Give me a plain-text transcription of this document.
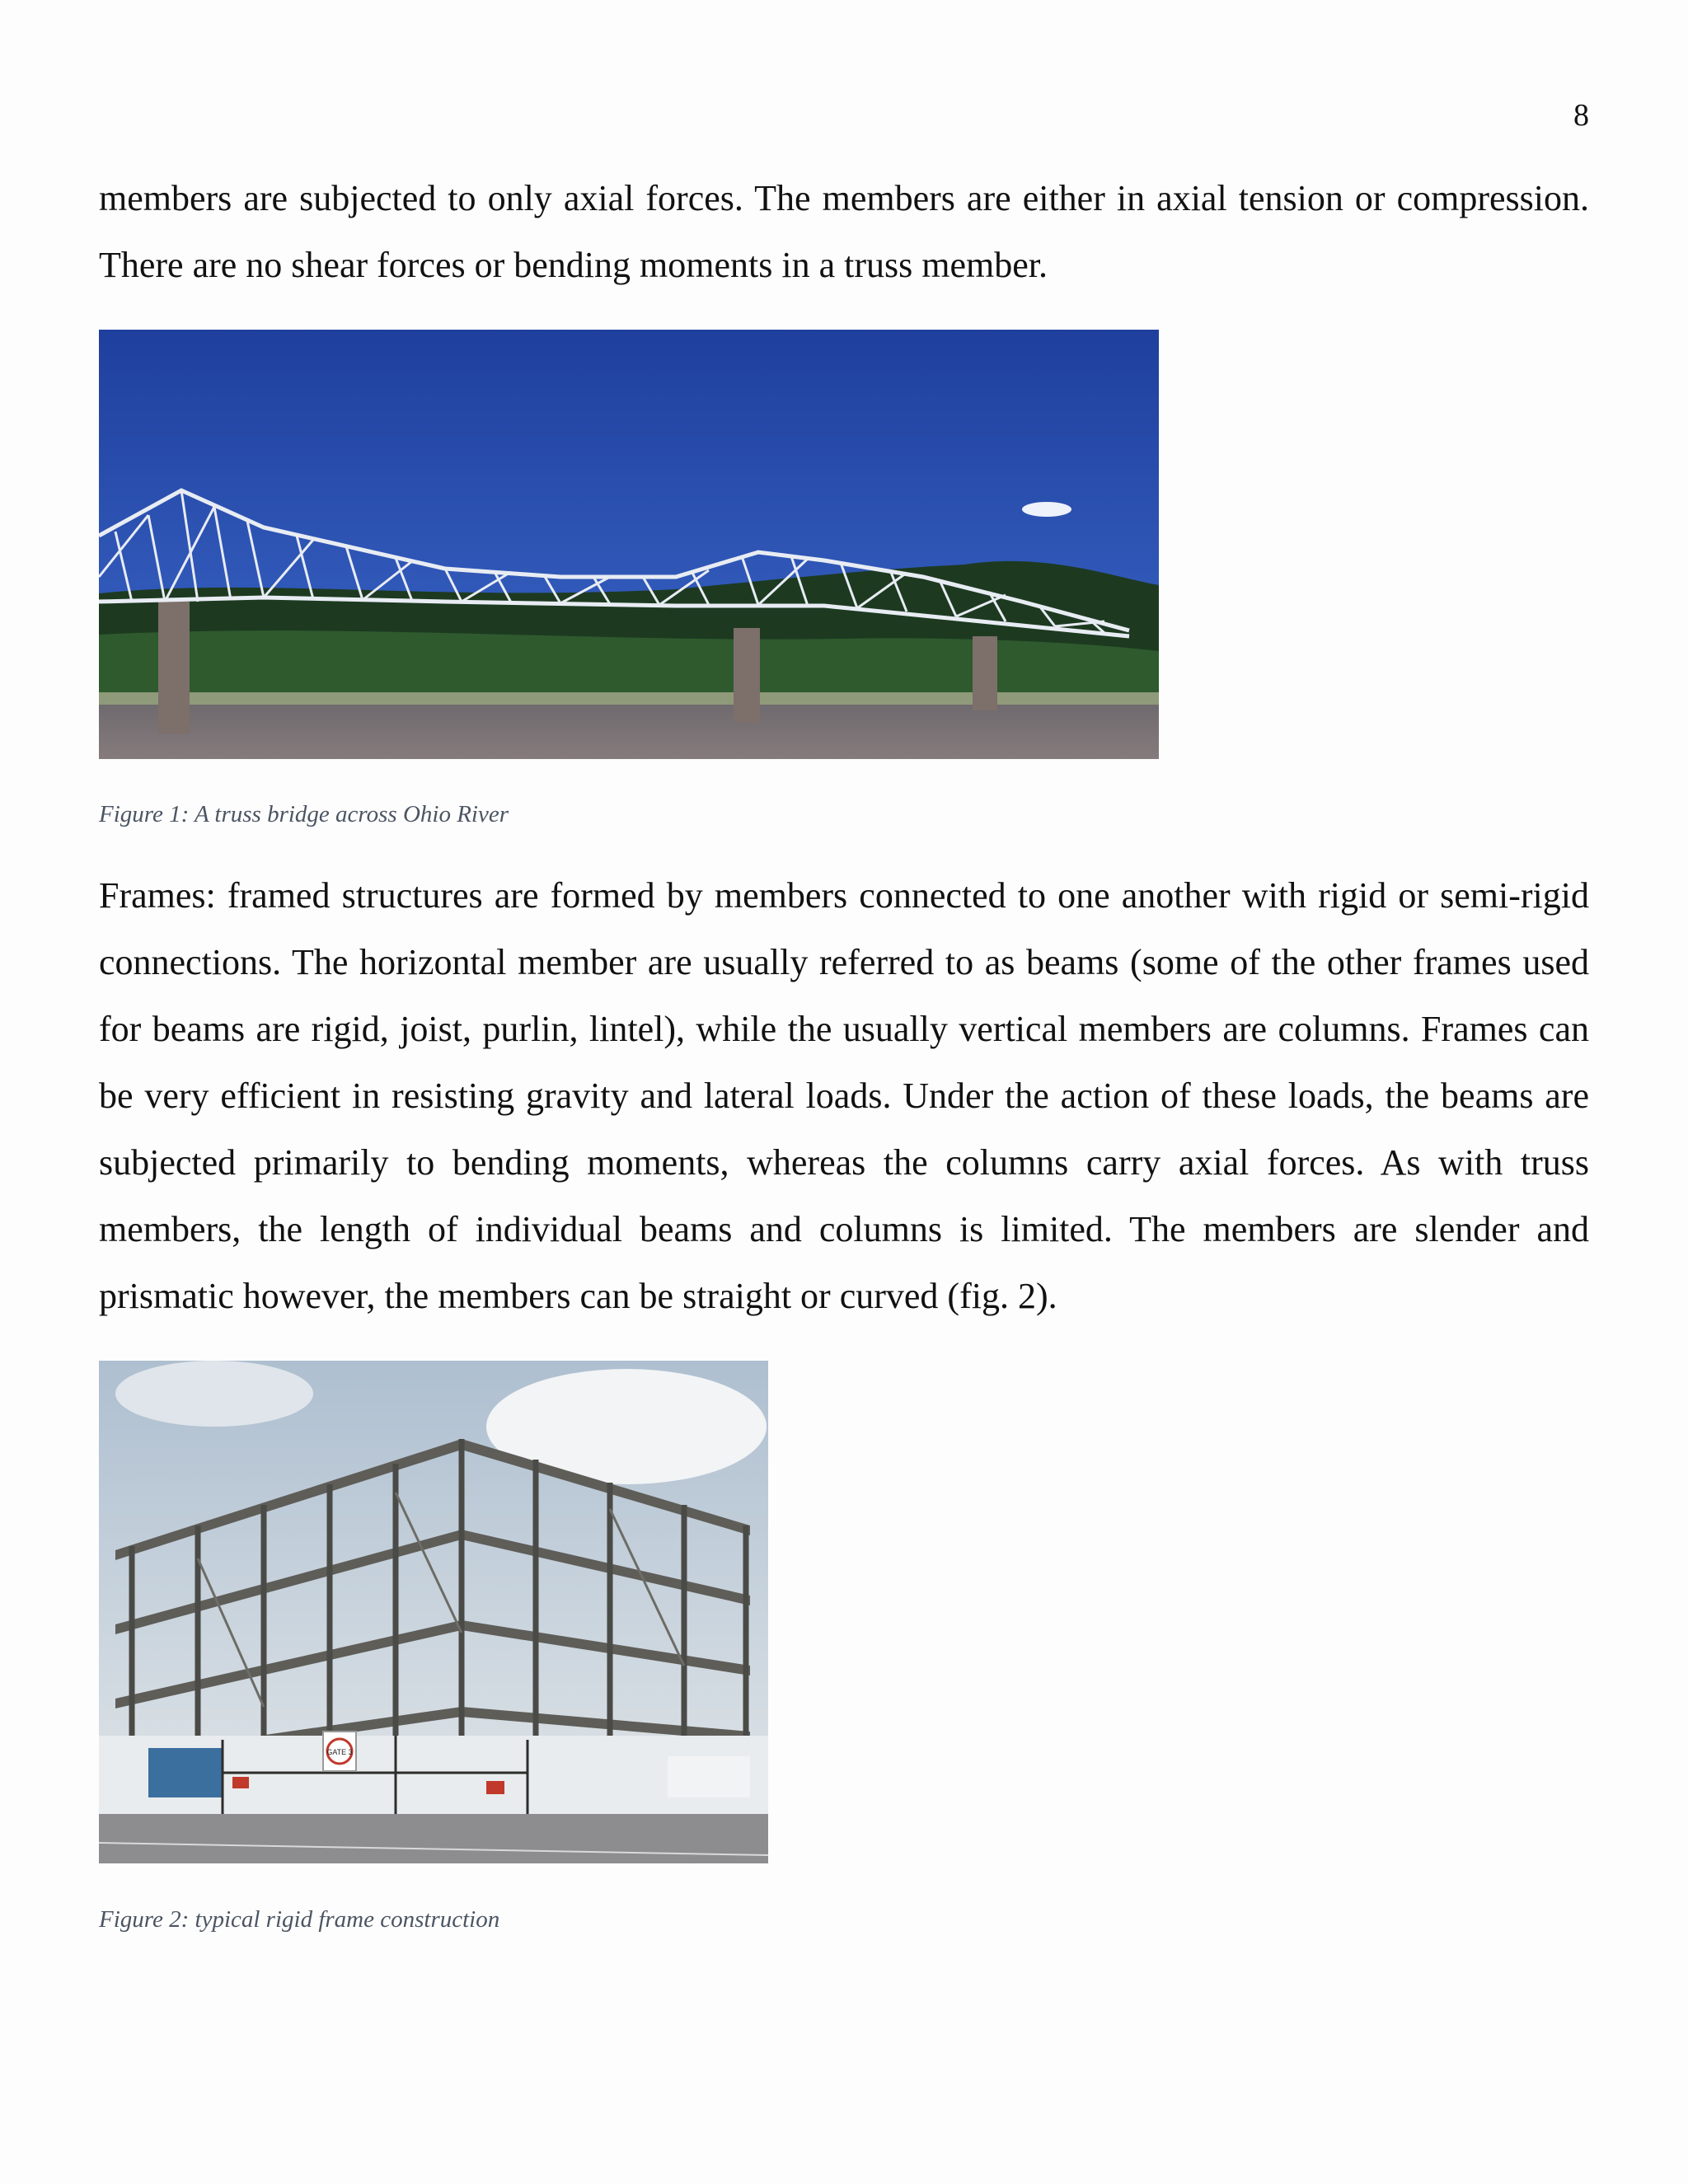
8

members are subjected to only axial forces. The members are either in axial tension or compression. There are no shear forces or bending moments in a truss member.

Figure 1: A truss bridge across Ohio River

Frames: framed structures are formed by members connected to one another with rigid or semi-rigid connections. The horizontal member are usually referred to as beams (some of the other frames used for beams are rigid, joist, purlin, lintel), while the usually vertical members are columns. Frames can be very efficient in resisting gravity and lateral loads. Under the action of these loads, the beams are subjected primarily to bending moments, whereas the columns carry axial forces. As with truss members, the length of individual beams and columns is limited. The members are slender and prismatic however, the members can be straight or curved (fig. 2).

GATE 3
Figure 2: typical rigid frame construction
